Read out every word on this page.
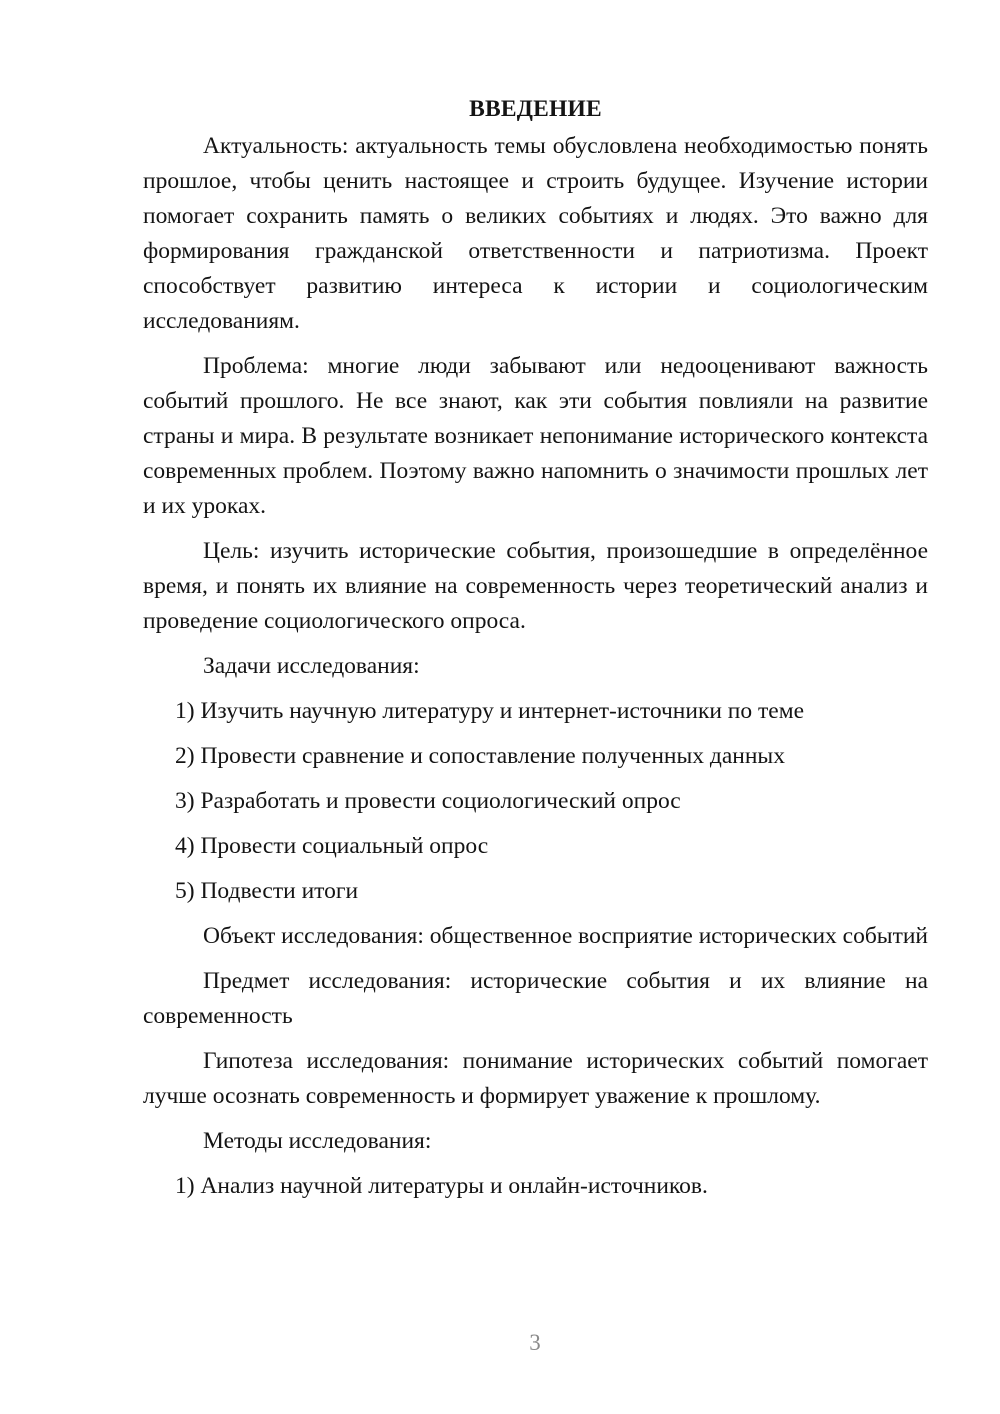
ВВЕДЕНИЕ
Актуальность: актуальность темы обусловлена необходимостью понять прошлое, чтобы ценить настоящее и строить будущее. Изучение истории помогает сохранить память о великих событиях и людях. Это важно для формирования гражданской ответственности и патриотизма. Проект способствует развитию интереса к истории и социологическим исследованиям.
Проблема: многие люди забывают или недооценивают важность событий прошлого. Не все знают, как эти события повлияли на развитие страны и мира. В результате возникает непонимание исторического контекста современных проблем. Поэтому важно напомнить о значимости прошлых лет и их уроках.
Цель: изучить исторические события, произошедшие в определённое время, и понять их влияние на современность через теоретический анализ и проведение социологического опроса.
Задачи исследования:
1) Изучить научную литературу и интернет-источники по теме
2) Провести сравнение и сопоставление полученных данных
3) Разработать и провести социологический опрос
4) Провести социальный опрос
5) Подвести итоги
Объект исследования: общественное восприятие исторических событий
Предмет исследования: исторические события и их влияние на современность
Гипотеза исследования: понимание исторических событий помогает лучше осознать современность и формирует уважение к прошлому.
Методы исследования:
1) Анализ научной литературы и онлайн-источников.
3
